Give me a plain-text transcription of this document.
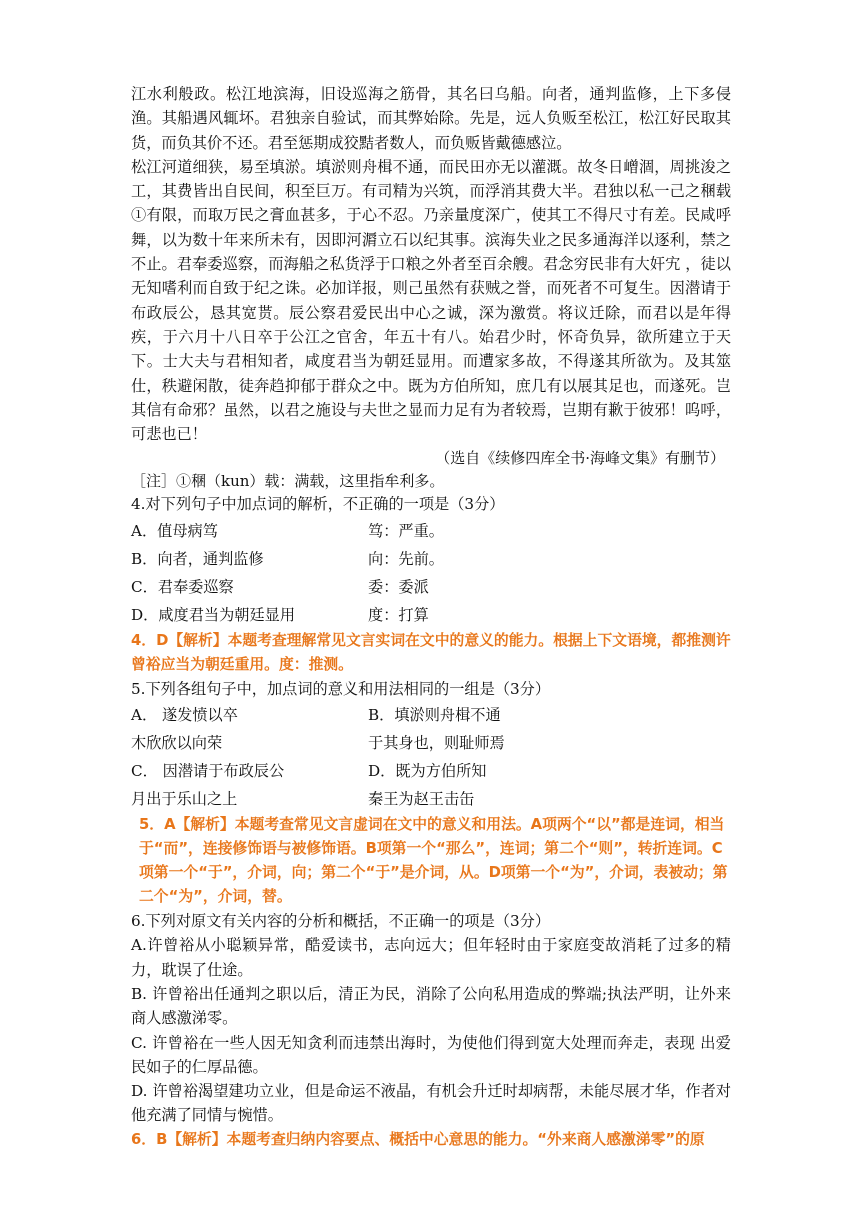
江水利般政。松江地滨海，旧设巡海之筋骨，其名曰乌船。向者，通判监修，上下多侵渔。其船遇风辄坏。君独亲自验试，而其弊始除。先是，远人负贩至松江，松江好民取其货，而负其价不还。君至惩期成狡黠者数人，而负贩皆戴德感泣。

松江河道细狭，易至填淤。填淤则舟楫不通，而民田亦无以灌溉。故冬日嶒涸，周挑浚之工，其费皆出自民间，积至巨万。有司精为兴筑，而浮消其费大半。君独以私一己之稛载①有限，而取万民之膏血甚多，于心不忍。乃亲量度深广，使其工不得尺寸有差。民咸呼舞，以为数十年来所未有，因即河漘立石以纪其事。滨海失业之民多通海洋以逐利，禁之不止。君奉委巡察，而海船之私货浮于口粮之外者至百余艘。君念穷民非有大奸宄 ，徒以无知嗜利而自致于纪之诛。必加详报，则己虽然有获贼之誉，而死者不可复生。因潜请于布政辰公，恳其宽贳。辰公察君爱民出中心之诚，深为激赏。将议迁除，而君以是年得疾，于六月十八日卒于公江之官舍，年五十有八。始君少时，怀奇负异，欲所建立于天下。士大夫与君相知者，咸度君当为朝廷显用。而遭家多故，不得遂其所欲为。及其筮仕，秩避闲散，徒奔趋抑郁于群众之中。既为方伯所知，庶几有以展其足也，而遂死。岂其信有命邪？虽然，以君之施设与夫世之显而力足有为者较焉，岂期有歉于彼邪！呜呼，可悲也已！

（选自《续修四库全书·海峰文集》有删节）
［注］①稛（kun）载：满载，这里指牟利多。
4.对下列句子中加点词的解析，不正确的一项是（3分）
A．值母病笃	笃：严重。
B．向者，通判监修	向：先前。
C．君奉委巡察	委：委派
D．咸度君当为朝廷显用	度：打算

4．D【解析】本题考查理解常见文言实词在文中的意义的能力。根据上下文语境，都推测许曾裕应当为朝廷重用。度：推测。

5.下列各组句子中，加点词的意义和用法相同的一组是（3分）
A． 遂发愤以卒	B．填淤则舟楫不通
木欣欣以向荣	于其身也，则耻师焉
C． 因潜请于布政辰公	D．既为方伯所知
月出于乐山之上	秦王为赵王击缶

5．A【解析】本题考查常见文言虚词在文中的意义和用法。A项两个“以”都是连词，相当于“而”，连接修饰语与被修饰语。B项第一个“那么”，连词；第二个“则”，转折连词。C项第一个“于”，介词，向；第二个“于”是介词，从。D项第一个“为”，介词，表被动；第二个“为”，介词，替。

6.下列对原文有关内容的分析和概括，不正确一的项是（3分）

A.许曾裕从小聪颖异常，酷爱读书，志向远大；但年轻时由于家庭变故消耗了过多的精力，耽误了仕途。

B. 许曾裕出任通判之职以后，清正为民，消除了公向私用造成的弊端;执法严明，让外来商人感激涕零。

C. 许曾裕在一些人因无知贪利而违禁出海时，为使他们得到宽大处理而奔走，表现 出爱民如子的仁厚品德。

D. 许曾裕渴望建功立业，但是命运不液晶，有机会升迁时却病帮，未能尽展才华，作者对他充满了同情与惋惜。

6．B【解析】本题考查归纳内容要点、概括中心意思的能力。“外来商人感激涕零”的原
